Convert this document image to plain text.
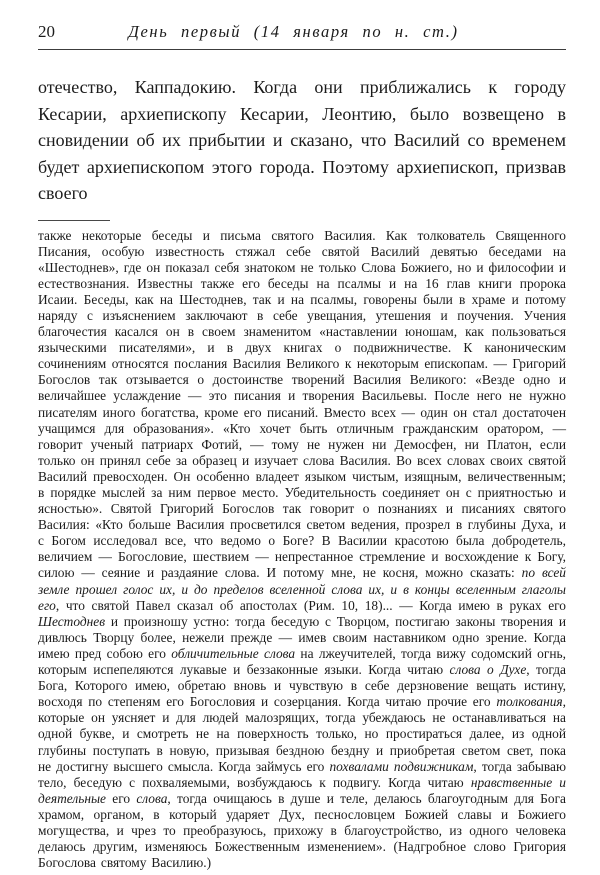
20	День первый (14 января по н. ст.)

отечество, Каппадокию. Когда они приближались к городу Кесарии, архиепископу Кесарии, Леонтию, было возвещено в сновидении об их прибытии и сказано, что Василий со временем будет архиепископом этого города. Поэтому архиепископ, призвав своего

также некоторые беседы и письма святого Василия. Как толкователь Священного Писания, особую известность стяжал себе святой Василий девятью беседами на «Шестоднев», где он показал себя знатоком не только Слова Божиего, но и философии и естествознания. Известны также его беседы на псалмы и на 16 глав книги пророка Исаии. Беседы, как на Шестоднев, так и на псалмы, говорены были в храме и потому наряду с изъяснением заключают в себе увещания, утешения и поучения. Учения благочестия касался он в своем знаменитом «наставлении юношам, как пользоваться языческими писателями», и в двух книгах о подвижничестве. К каноническим сочинениям относятся послания Василия Великого к некоторым епископам. — Григорий Богослов так отзывается о достоинстве творений Василия Великого: «Везде одно и величайшее услаждение — это писания и творения Васильевы. После него не нужно писателям иного богатства, кроме его писаний. Вместо всех — один он стал достаточен учащимся для образования». «Кто хочет быть отличным гражданским оратором, — говорит ученый патриарх Фотий, — тому не нужен ни Демосфен, ни Платон, если только он принял себе за образец и изучает слова Василия. Во всех словах своих святой Василий превосходен. Он особенно владеет языком чистым, изящным, величественным; в порядке мыслей за ним первое место. Убедительность соединяет он с приятностью и ясностью». Святой Григорий Богослов так говорит о познаниях и писаниях святого Василия: «Кто больше Василия просветился светом ведения, прозрел в глубины Духа, и с Богом исследовал все, что ведомо о Боге? В Василии красотою была добродетель, величием — Богословие, шествием — непрестанное стремление и восхождение к Богу, силою — сеяние и раздаяние слова. И потому мне, не косня, можно сказать: по всей земле прошел голос их, и до пределов вселенной слова их, и в концы вселенным глаголы его, что святой Павел сказал об апостолах (Рим. 10, 18)... — Когда имею в руках его Шестоднев и произношу устно: тогда беседую с Творцом, постигаю законы творения и дивлюсь Творцу более, нежели прежде — имев своим наставником одно зрение. Когда имею пред собою его обличительные слова на лжеучителей, тогда вижу содомский огнь, которым испепеляются лукавые и беззаконные языки. Когда читаю слова о Духе, тогда Бога, Которого имею, обретаю вновь и чувствую в себе дерзновение вещать истину, восходя по степеням его Богословия и созерцания. Когда читаю прочие его толкования, которые он уясняет и для людей малозрящих, тогда убеждаюсь не останавливаться на одной букве, и смотреть не на поверхность только, но простираться далее, из одной глубины поступать в новую, призывая бездною бездну и приобретая светом свет, пока не достигну высшего смысла. Когда займусь его похвалами подвижникам, тогда забываю тело, беседую с похваляемыми, возбуждаюсь к подвигу. Когда читаю нравственные и деятельные его слова, тогда очищаюсь в душе и теле, делаюсь благоугодным для Бога храмом, органом, в который ударяет Дух, песнословцем Божией славы и Божиего могущества, и чрез то преобразуюсь, прихожу в благоустройство, из одного человека делаюсь другим, изменяюсь Божественным изменением». (Надгробное слово Григория Богослова святому Василию.)
